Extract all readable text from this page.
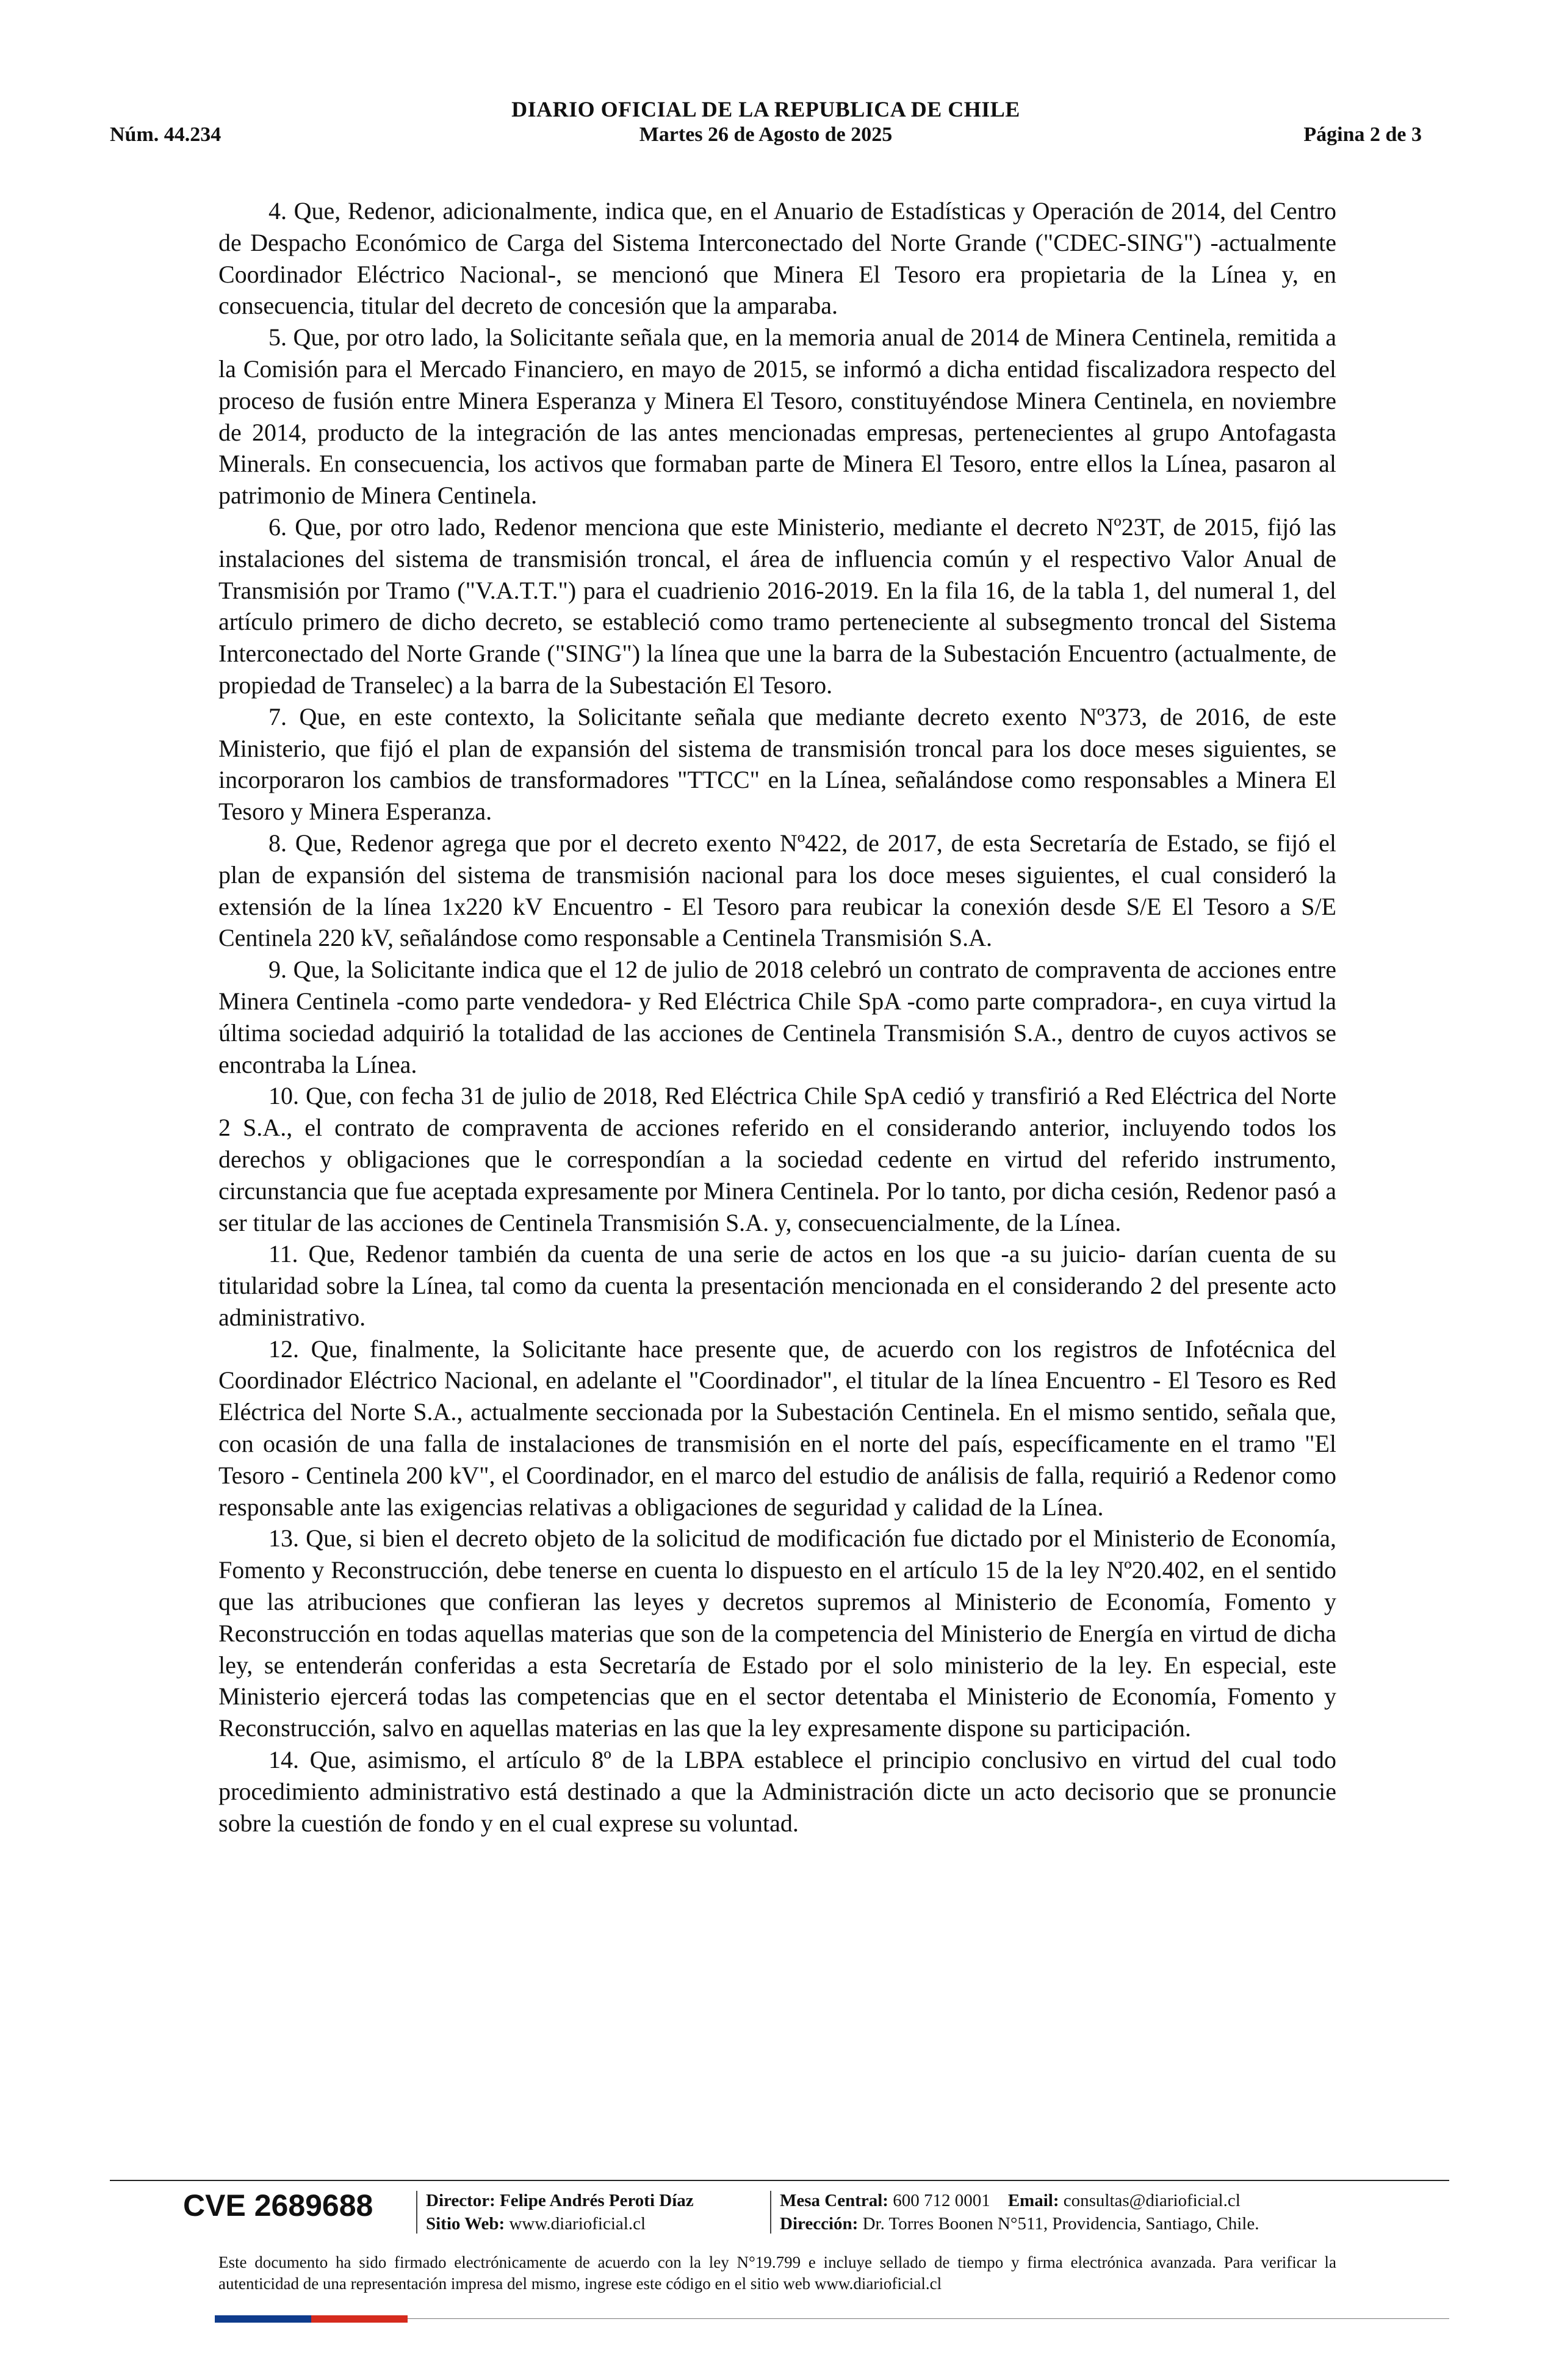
DIARIO OFICIAL DE LA REPUBLICA DE CHILE
Núm. 44.234	Martes 26 de Agosto de 2025	Página 2 de 3

4. Que, Redenor, adicionalmente, indica que, en el Anuario de Estadísticas y Operación de 2014, del Centro de Despacho Económico de Carga del Sistema Interconectado del Norte Grande ("CDEC-SING") -actualmente Coordinador Eléctrico Nacional-, se mencionó que Minera El Tesoro era propietaria de la Línea y, en consecuencia, titular del decreto de concesión que la amparaba.

5. Que, por otro lado, la Solicitante señala que, en la memoria anual de 2014 de Minera Centinela, remitida a la Comisión para el Mercado Financiero, en mayo de 2015, se informó a dicha entidad fiscalizadora respecto del proceso de fusión entre Minera Esperanza y Minera El Tesoro, constituyéndose Minera Centinela, en noviembre de 2014, producto de la integración de las antes mencionadas empresas, pertenecientes al grupo Antofagasta Minerals. En consecuencia, los activos que formaban parte de Minera El Tesoro, entre ellos la Línea, pasaron al patrimonio de Minera Centinela.

6. Que, por otro lado, Redenor menciona que este Ministerio, mediante el decreto Nº23T, de 2015, fijó las instalaciones del sistema de transmisión troncal, el área de influencia común y el respectivo Valor Anual de Transmisión por Tramo ("V.A.T.T.") para el cuadrienio 2016-2019. En la fila 16, de la tabla 1, del numeral 1, del artículo primero de dicho decreto, se estableció como tramo perteneciente al subsegmento troncal del Sistema Interconectado del Norte Grande ("SING") la línea que une la barra de la Subestación Encuentro (actualmente, de propiedad de Transelec) a la barra de la Subestación El Tesoro.

7. Que, en este contexto, la Solicitante señala que mediante decreto exento Nº373, de 2016, de este Ministerio, que fijó el plan de expansión del sistema de transmisión troncal para los doce meses siguientes, se incorporaron los cambios de transformadores "TTCC" en la Línea, señalándose como responsables a Minera El Tesoro y Minera Esperanza.

8. Que, Redenor agrega que por el decreto exento Nº422, de 2017, de esta Secretaría de Estado, se fijó el plan de expansión del sistema de transmisión nacional para los doce meses siguientes, el cual consideró la extensión de la línea 1x220 kV Encuentro - El Tesoro para reubicar la conexión desde S/E El Tesoro a S/E Centinela 220 kV, señalándose como responsable a Centinela Transmisión S.A.

9. Que, la Solicitante indica que el 12 de julio de 2018 celebró un contrato de compraventa de acciones entre Minera Centinela -como parte vendedora- y Red Eléctrica Chile SpA -como parte compradora-, en cuya virtud la última sociedad adquirió la totalidad de las acciones de Centinela Transmisión S.A., dentro de cuyos activos se encontraba la Línea.

10. Que, con fecha 31 de julio de 2018, Red Eléctrica Chile SpA cedió y transfirió a Red Eléctrica del Norte 2 S.A., el contrato de compraventa de acciones referido en el considerando anterior, incluyendo todos los derechos y obligaciones que le correspondían a la sociedad cedente en virtud del referido instrumento, circunstancia que fue aceptada expresamente por Minera Centinela. Por lo tanto, por dicha cesión, Redenor pasó a ser titular de las acciones de Centinela Transmisión S.A. y, consecuencialmente, de la Línea.

11. Que, Redenor también da cuenta de una serie de actos en los que -a su juicio- darían cuenta de su titularidad sobre la Línea, tal como da cuenta la presentación mencionada en el considerando 2 del presente acto administrativo.

12. Que, finalmente, la Solicitante hace presente que, de acuerdo con los registros de Infotécnica del Coordinador Eléctrico Nacional, en adelante el "Coordinador", el titular de la línea Encuentro - El Tesoro es Red Eléctrica del Norte S.A., actualmente seccionada por la Subestación Centinela. En el mismo sentido, señala que, con ocasión de una falla de instalaciones de transmisión en el norte del país, específicamente en el tramo "El Tesoro - Centinela 200 kV", el Coordinador, en el marco del estudio de análisis de falla, requirió a Redenor como responsable ante las exigencias relativas a obligaciones de seguridad y calidad de la Línea.

13. Que, si bien el decreto objeto de la solicitud de modificación fue dictado por el Ministerio de Economía, Fomento y Reconstrucción, debe tenerse en cuenta lo dispuesto en el artículo 15 de la ley Nº20.402, en el sentido que las atribuciones que confieran las leyes y decretos supremos al Ministerio de Economía, Fomento y Reconstrucción en todas aquellas materias que son de la competencia del Ministerio de Energía en virtud de dicha ley, se entenderán conferidas a esta Secretaría de Estado por el solo ministerio de la ley. En especial, este Ministerio ejercerá todas las competencias que en el sector detentaba el Ministerio de Economía, Fomento y Reconstrucción, salvo en aquellas materias en las que la ley expresamente dispone su participación.

14. Que, asimismo, el artículo 8º de la LBPA establece el principio conclusivo en virtud del cual todo procedimiento administrativo está destinado a que la Administración dicte un acto decisorio que se pronuncie sobre la cuestión de fondo y en el cual exprese su voluntad.

CVE 2689688	Director: Felipe Andrés Peroti Díaz
Sitio Web: www.diarioficial.cl
Mesa Central: 600 712 0001 Email: consultas@diarioficial.cl
Dirección: Dr. Torres Boonen N°511, Providencia, Santiago, Chile.
Este documento ha sido firmado electrónicamente de acuerdo con la ley N°19.799 e incluye sellado de tiempo y firma electrónica avanzada. Para verificar la autenticidad de una representación impresa del mismo, ingrese este código en el sitio web www.diarioficial.cl
